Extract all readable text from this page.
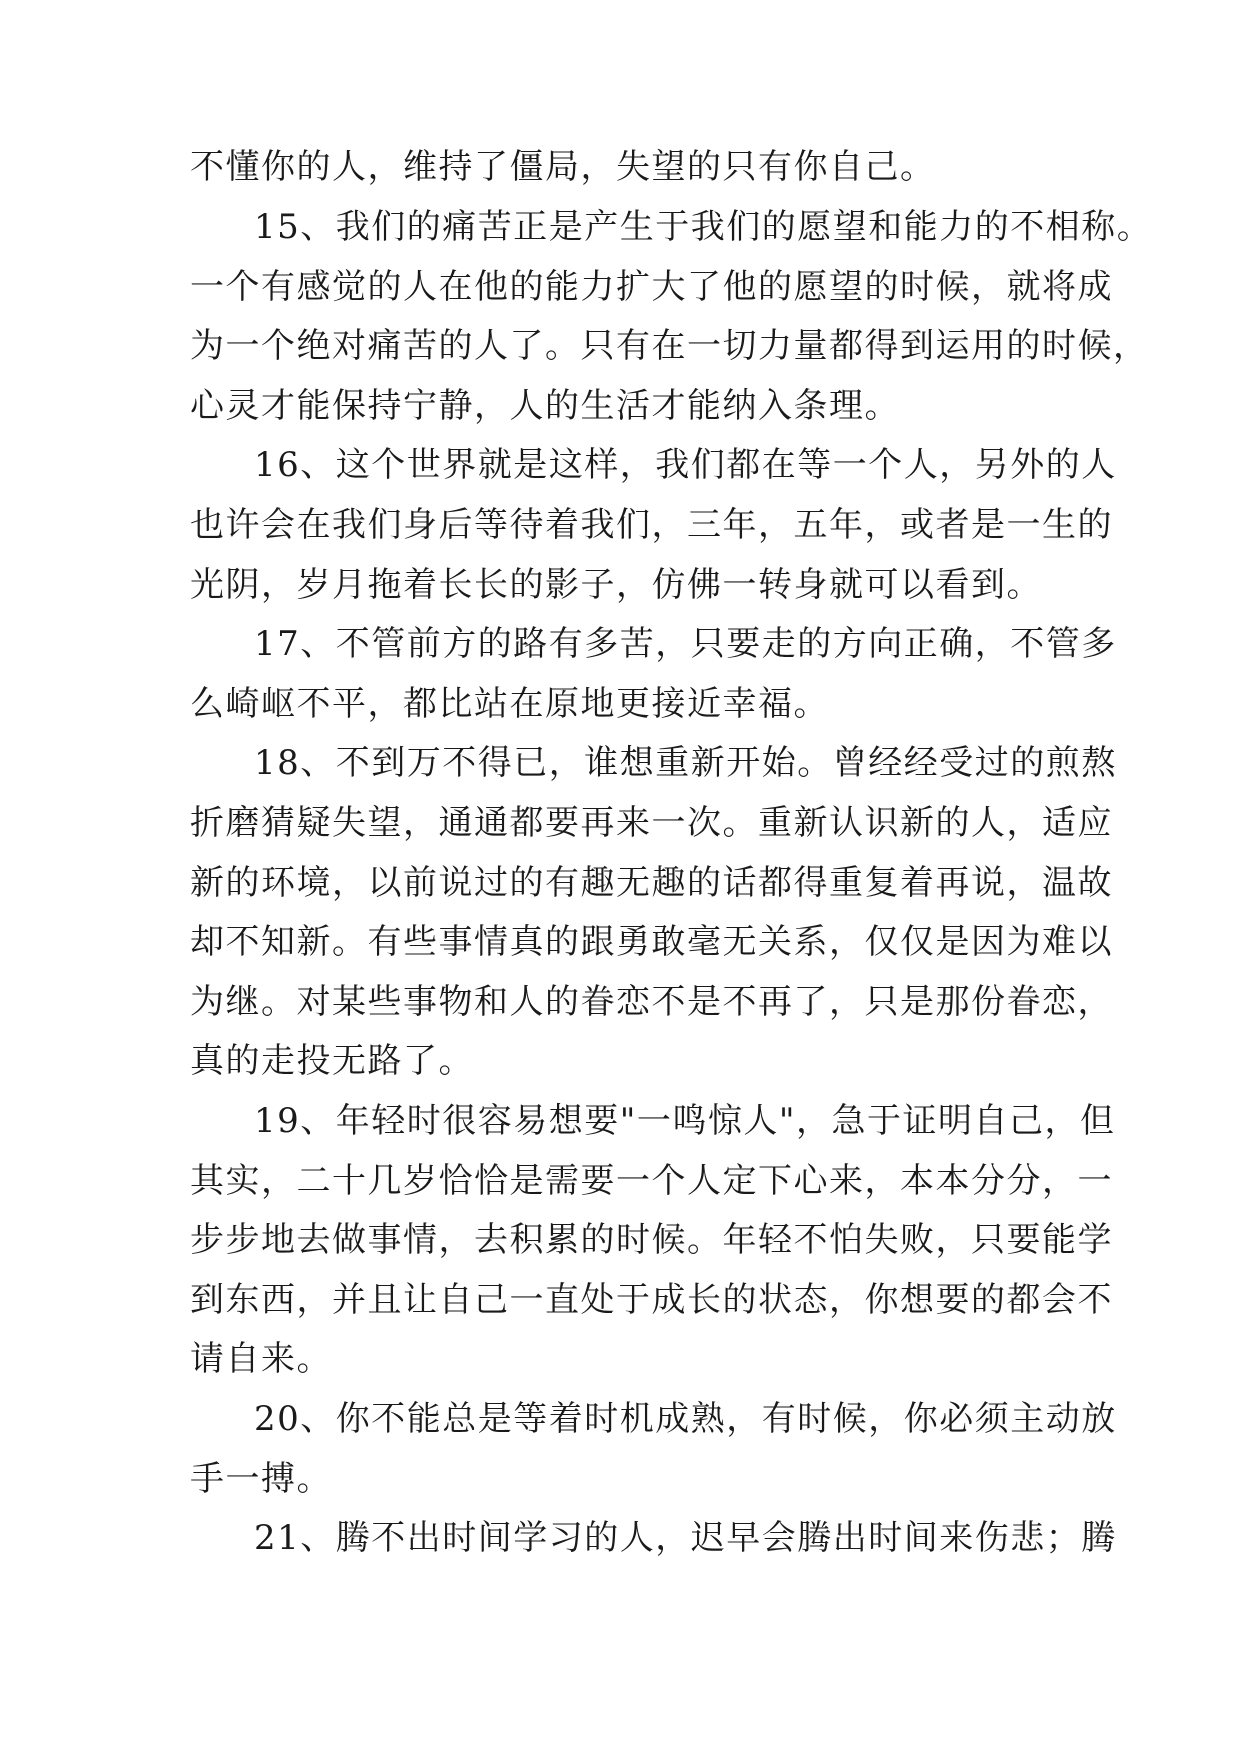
不懂你的人，维持了僵局，失望的只有你自己。
15、我们的痛苦正是产生于我们的愿望和能力的不相称。
一个有感觉的人在他的能力扩大了他的愿望的时候，就将成
为一个绝对痛苦的人了。只有在一切力量都得到运用的时候，
心灵才能保持宁静，人的生活才能纳入条理。
16、这个世界就是这样，我们都在等一个人，另外的人
也许会在我们身后等待着我们，三年，五年，或者是一生的
光阴，岁月拖着长长的影子，仿佛一转身就可以看到。
17、不管前方的路有多苦，只要走的方向正确，不管多
么崎岖不平，都比站在原地更接近幸福。
18、不到万不得已，谁想重新开始。曾经经受过的煎熬
折磨猜疑失望，通通都要再来一次。重新认识新的人，适应
新的环境，以前说过的有趣无趣的话都得重复着再说，温故
却不知新。有些事情真的跟勇敢毫无关系，仅仅是因为难以
为继。对某些事物和人的眷恋不是不再了，只是那份眷恋，
真的走投无路了。
19、年轻时很容易想要"一鸣惊人"，急于证明自己，但
其实，二十几岁恰恰是需要一个人定下心来，本本分分，一
步步地去做事情，去积累的时候。年轻不怕失败，只要能学
到东西，并且让自己一直处于成长的状态，你想要的都会不
请自来。
20、你不能总是等着时机成熟，有时候，你必须主动放
手一搏。
21、腾不出时间学习的人，迟早会腾出时间来伤悲；腾
